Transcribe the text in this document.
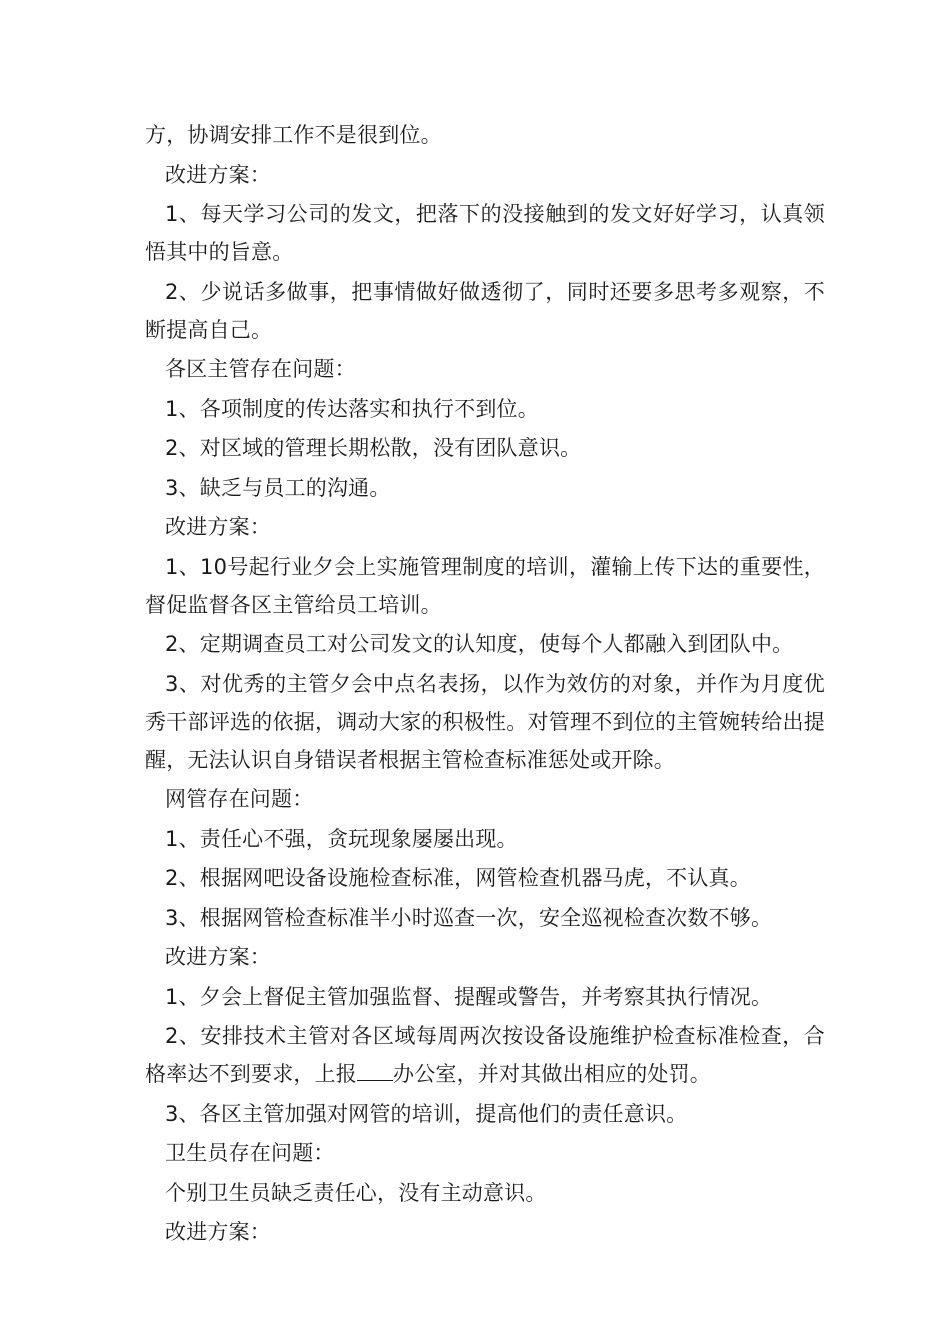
方，协调安排工作不是很到位。

改进方案：

1、每天学习公司的发文，把落下的没接触到的发文好好学习，认真领悟其中的旨意。

2、少说话多做事，把事情做好做透彻了，同时还要多思考多观察，不断提高自己。

各区主管存在问题：

1、各项制度的传达落实和执行不到位。

2、对区域的管理长期松散，没有团队意识。

3、缺乏与员工的沟通。

改进方案：

1、10号起行业夕会上实施管理制度的培训，灌输上传下达的重要性，督促监督各区主管给员工培训。

2、定期调查员工对公司发文的认知度，使每个人都融入到团队中。

3、对优秀的主管夕会中点名表扬，以作为效仿的对象，并作为月度优秀干部评选的依据，调动大家的积极性。对管理不到位的主管婉转给出提醒，无法认识自身错误者根据主管检查标准惩处或开除。

网管存在问题：

1、责任心不强，贪玩现象屡屡出现。

2、根据网吧设备设施检查标准，网管检查机器马虎，不认真。

3、根据网管检查标准半小时巡查一次，安全巡视检查次数不够。

改进方案：

1、夕会上督促主管加强监督、提醒或警告，并考察其执行情况。

2、安排技术主管对各区域每周两次按设备设施维护检查标准检查，合格率达不到要求，上报 办公室，并对其做出相应的处罚。

3、各区主管加强对网管的培训，提高他们的责任意识。

卫生员存在问题：

个别卫生员缺乏责任心，没有主动意识。

改进方案：
